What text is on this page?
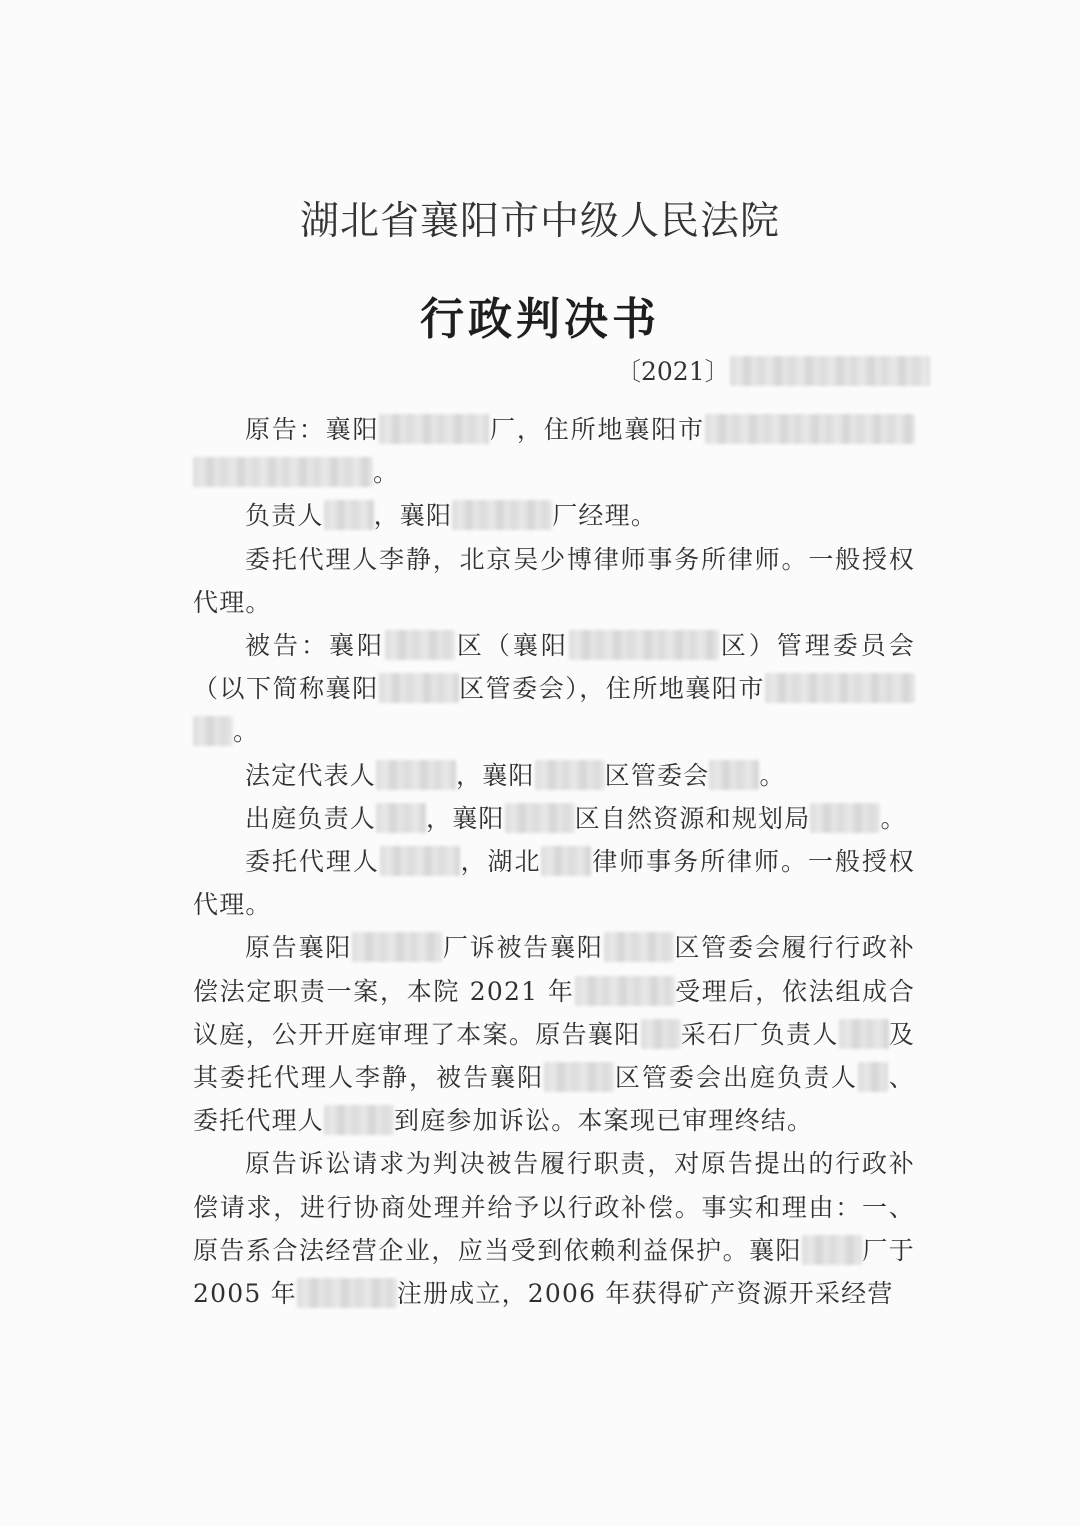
湖北省襄阳市中级人民法院
行政判决书
〔2021〕

原告：襄阳	厂，住所地襄阳市。

负责人 ，襄阳	厂经理。

委托代理人李静，北京吴少博律师事务所律师。一般授权代理。

被告：襄阳	区（襄阳	区）管理委员会（以下简称襄阳	区管委会），住所地襄阳市。

法定代表人	，襄阳	区管委会 。

出庭负责人 ，襄阳	区自然资源和规划局	。

委托代理人	，湖北 律师事务所律师。一般授权代理。

原告襄阳	厂诉被告襄阳	区管委会履行行政补偿法定职责一案，本院 2021 年	受理后，依法组成合议庭，公开开庭审理了本案。原告襄阳 采石厂负责人 及其委托代理人李静，被告襄阳	区管委会出庭负责人 、委托代理人	到庭参加诉讼。本案现已审理终结。

原告诉讼请求为判决被告履行职责，对原告提出的行政补偿请求，进行协商处理并给予以行政补偿。事实和理由：一、原告系合法经营企业，应当受到依赖利益保护。襄阳 厂于 2005 年	注册成立，2006 年获得矿产资源开采经营
